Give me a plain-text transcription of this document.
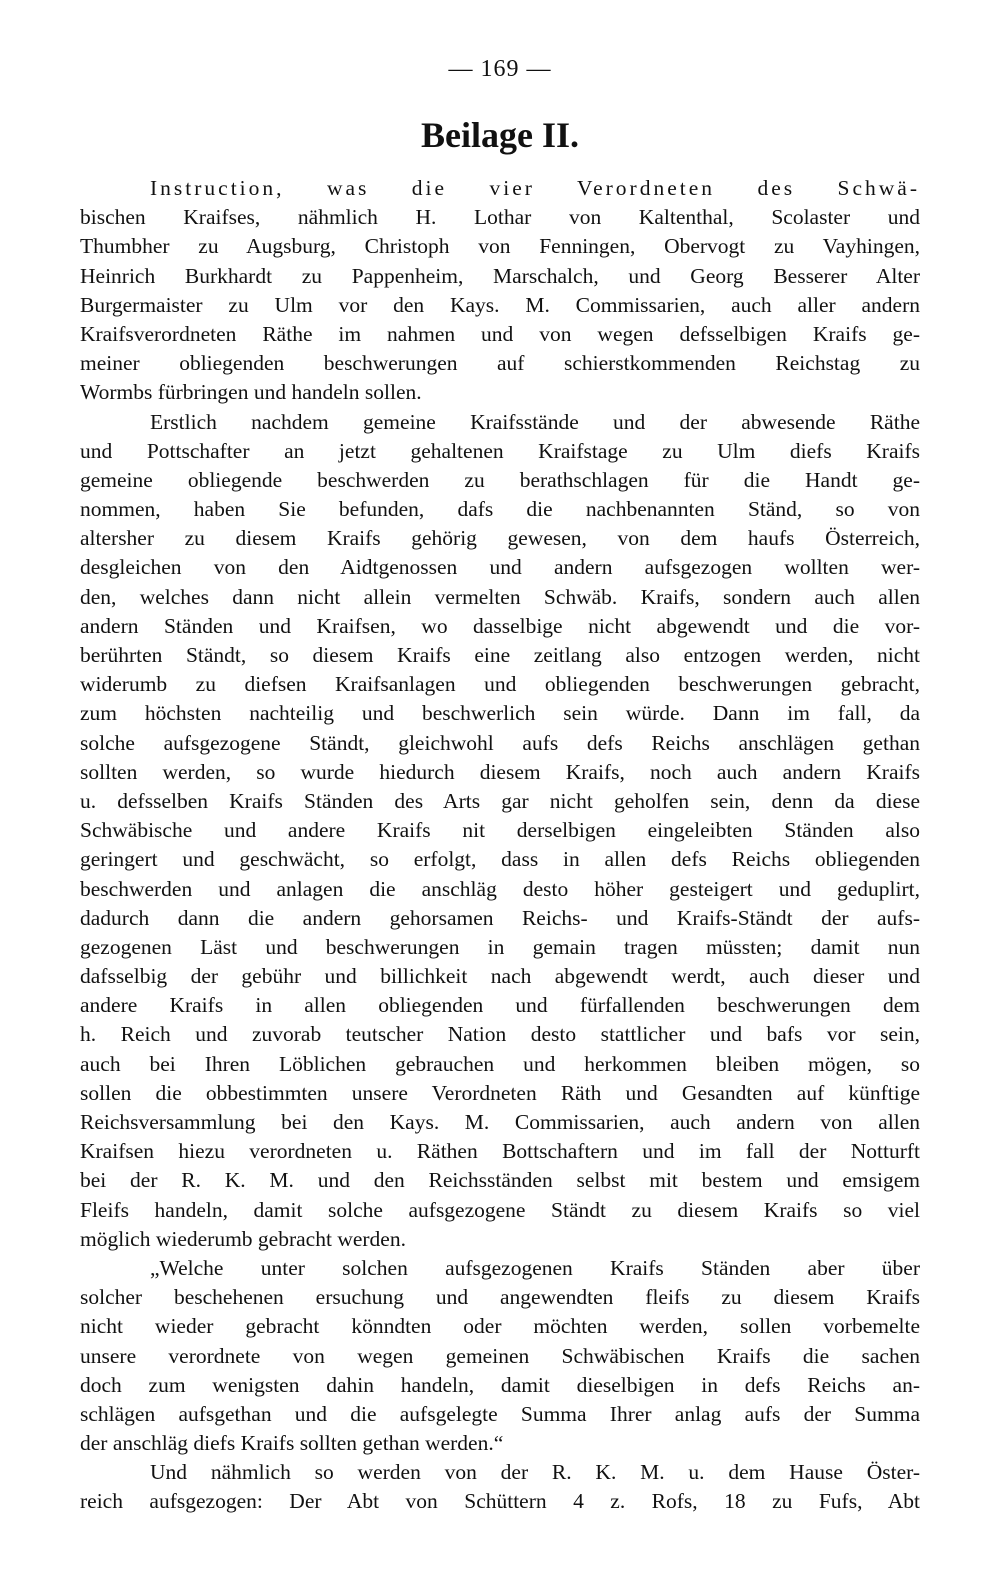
— 169 —
Beilage II.
Instruction, was die vier Verordneten des Schwä-
bischen Kraifses, nähmlich H. Lothar von Kaltenthal, Scolaster und
Thumbher zu Augsburg, Christoph von Fenningen, Obervogt zu Vayhingen,
Heinrich Burkhardt zu Pappenheim, Marschalch, und Georg Besserer Alter
Burgermaister zu Ulm vor den Kays. M. Commissarien, auch aller andern
Kraifsverordneten Räthe im nahmen und von wegen defsselbigen Kraifs ge-
meiner obliegenden beschwerungen auf schierstkommenden Reichstag zu
Wormbs fürbringen und handeln sollen.
Erstlich nachdem gemeine Kraifsstände und der abwesende Räthe
und Pottschafter an jetzt gehaltenen Kraifstage zu Ulm diefs Kraifs
gemeine obliegende beschwerden zu berathschlagen für die Handt ge-
nommen, haben Sie befunden, dafs die nachbenannten Ständ, so von
altersher zu diesem Kraifs gehörig gewesen, von dem haufs Österreich,
desgleichen von den Aidtgenossen und andern aufsgezogen wollten wer-
den, welches dann nicht allein vermelten Schwäb. Kraifs, sondern auch allen
andern Ständen und Kraifsen, wo dasselbige nicht abgewendt und die vor-
berührten Ständt, so diesem Kraifs eine zeitlang also entzogen werden, nicht
widerumb zu diefsen Kraifsanlagen und obliegenden beschwerungen gebracht,
zum höchsten nachteilig und beschwerlich sein würde. Dann im fall, da
solche aufsgezogene Ständt, gleichwohl aufs defs Reichs anschlägen gethan
sollten werden, so wurde hiedurch diesem Kraifs, noch auch andern Kraifs
u. defsselben Kraifs Ständen des Arts gar nicht geholfen sein, denn da diese
Schwäbische und andere Kraifs nit derselbigen eingeleibten Ständen also
geringert und geschwächt, so erfolgt, dass in allen defs Reichs obliegenden
beschwerden und anlagen die anschläg desto höher gesteigert und geduplirt,
dadurch dann die andern gehorsamen Reichs- und Kraifs-Ständt der aufs-
gezogenen Läst und beschwerungen in gemain tragen müssten; damit nun
dafsselbig der gebühr und billichkeit nach abgewendt werdt, auch dieser und
andere Kraifs in allen obliegenden und fürfallenden beschwerungen dem
h. Reich und zuvorab teutscher Nation desto stattlicher und bafs vor sein,
auch bei Ihren Löblichen gebrauchen und herkommen bleiben mögen, so
sollen die obbestimmten unsere Verordneten Räth und Gesandten auf künftige
Reichsversammlung bei den Kays. M. Commissarien, auch andern von allen
Kraifsen hiezu verordneten u. Räthen Bottschaftern und im fall der Notturft
bei der R. K. M. und den Reichsständen selbst mit bestem und emsigem
Fleifs handeln, damit solche aufsgezogene Ständt zu diesem Kraifs so viel
möglich wiederumb gebracht werden.
„Welche unter solchen aufsgezogenen Kraifs Ständen aber über
solcher beschehenen ersuchung und angewendten fleifs zu diesem Kraifs
nicht wieder gebracht könndten oder möchten werden, sollen vorbemelte
unsere verordnete von wegen gemeinen Schwäbischen Kraifs die sachen
doch zum wenigsten dahin handeln, damit dieselbigen in defs Reichs an-
schlägen aufsgethan und die aufsgelegte Summa Ihrer anlag aufs der Summa
der anschläg diefs Kraifs sollten gethan werden.“
Und nähmlich so werden von der R. K. M. u. dem Hause Öster-
reich aufsgezogen: Der Abt von Schüttern 4 z. Rofs, 18 zu Fufs, Abt
